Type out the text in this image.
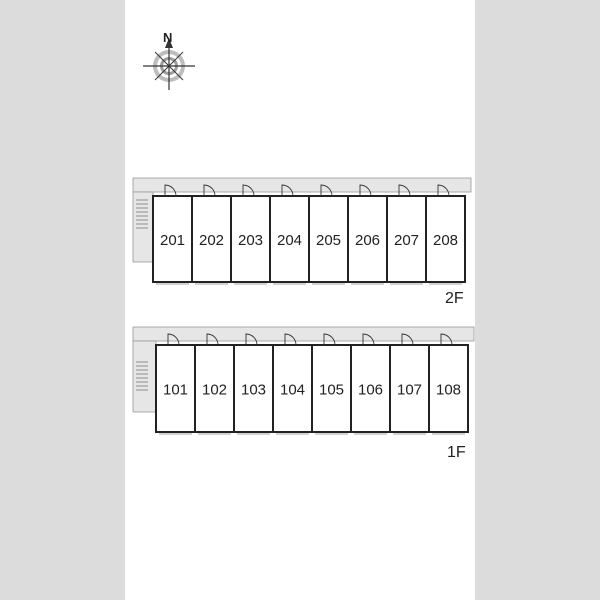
N
201 202 203 204 205 206 207 208
101 102 103 104 105 106 107 108
2F
1F
